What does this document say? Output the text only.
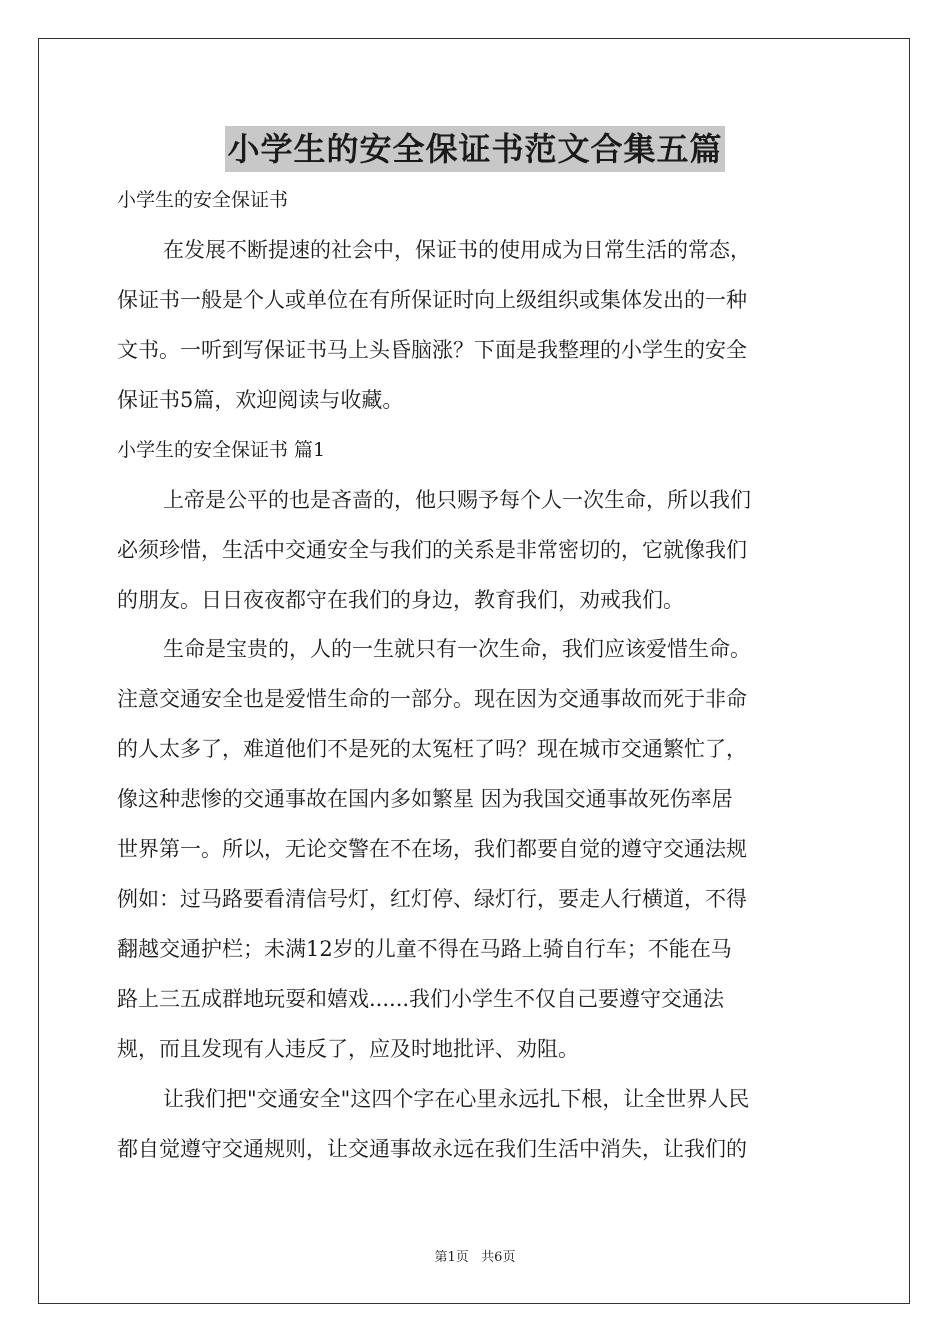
小学生的安全保证书范文合集五篇
小学生的安全保证书
在发展不断提速的社会中，保证书的使用成为日常生活的常态，
保证书一般是个人或单位在有所保证时向上级组织或集体发出的一种
文书。一听到写保证书马上头昏脑涨？下面是我整理的小学生的安全
保证书5篇，欢迎阅读与收藏。
小学生的安全保证书 篇1
上帝是公平的也是吝啬的，他只赐予每个人一次生命，所以我们
必须珍惜，生活中交通安全与我们的关系是非常密切的，它就像我们
的朋友。日日夜夜都守在我们的身边，教育我们，劝戒我们。
生命是宝贵的，人的一生就只有一次生命，我们应该爱惜生命。
注意交通安全也是爱惜生命的一部分。现在因为交通事故而死于非命
的人太多了，难道他们不是死的太冤枉了吗？现在城市交通繁忙了，
像这种悲惨的交通事故在国内多如繁星 因为我国交通事故死伤率居
世界第一。所以，无论交警在不在场，我们都要自觉的遵守交通法规
例如：过马路要看清信号灯，红灯停、绿灯行，要走人行横道，不得
翻越交通护栏；未满12岁的儿童不得在马路上骑自行车；不能在马
路上三五成群地玩耍和嬉戏......我们小学生不仅自己要遵守交通法
规，而且发现有人违反了，应及时地批评、劝阻。
让我们把"交通安全"这四个字在心里永远扎下根，让全世界人民
都自觉遵守交通规则，让交通事故永远在我们生活中消失，让我们的
第1页   共6页
